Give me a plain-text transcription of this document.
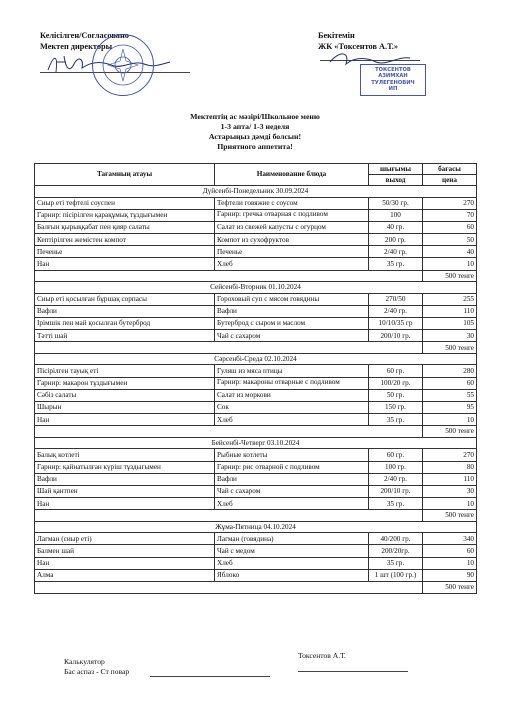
Келісілген/Согласовано
Мектеп директоры
Бекітемін
ЖК «Токсентов А.Т.»
ТОКСЕНТОВ
АЗИМХАН
ТУЛЕГЕНОВИЧ
ИП
Мектептің ас мәзірі/Школьное меню
1-3 апта/ 1-3 неделя
Астарыңыз дәмді болсын!
Приятного аппетита!
Тағамның атауы	Наименование блюда	шығымы	бағасы
		выход	цена
Дүйсенбі-Понедельник 30.09.2024			
Сиыр еті тефтелі соуспен	Тефтели говяжие с соусом	50/30 гр.	270
Гарнир: пісірілген қарақұмық тұздығымен	Гарнир: гречка отварная с подливом	100	70
Балғын қырыққабат пен қияр салаты	Салат из свежей капусты с огурцом	40 гр.	60
Кептірілген жемістен компот	Компот из сухофруктов	200 гр.	50
Печенье	Печенье	2/40 гр.	40
Нан	Хлеб	35 гр.	10
			500 тенге
Сейсенбі-Вторник 01.10.2024			
Сиыр еті қосылған бұршақ сорпасы	Гороховый суп с мясом говядины	270/50	255
Вафли	Вафли	2/40 гр.	110
Ірімшік пен май қосылған бутерброд	Бутерброд с сыром и маслом	10/10/35 гр	105
Тәтті шай	Чай с сахаром	200/10 гр.	30
			500 тенге
Сәрсенбі-Среда 02.10.2024			
Пісірілген тауық еті	Гуляш из мяса птицы	60 гр.	280
Гарнир: макарон тұздығымен	Гарнир: макароны отварные с подливом	100/20 гр.	60
Сәбіз салаты	Салат из моркови	50 гр.	55
Шырын	Сок	150 гр.	95
Нан	Хлеб	35 гр.	10
			500 тенге
Бейсенбі-Четверг 03.10.2024			
Балық котлеті	Рыбные котлеты	60 гр.	270
Гарнир: қайнатылған күріш тұздығымен	Гарнир: рис отварной с подливом	100 гр.	80
Вафли	Вафли	2/40 гр.	110
Шай қантпен	Чай с сахаром	200/10 гр.	30
Нан	Хлеб	35 гр.	10
			500 тенге
Жұма-Пятница 04.10.2024			
Лагман (сиыр еті)	Лагман (говядина)	40/200 гр.	340
Балмен шай	Чай с медом	200/20гр.	60
Нан	Хлеб	35 гр.	10
Алма	Яблоко	1 шт (100 гр.)	90
			500 тенге
Калькулятор
Бас аспаз - Ст повар
Токсентов А.Т.
